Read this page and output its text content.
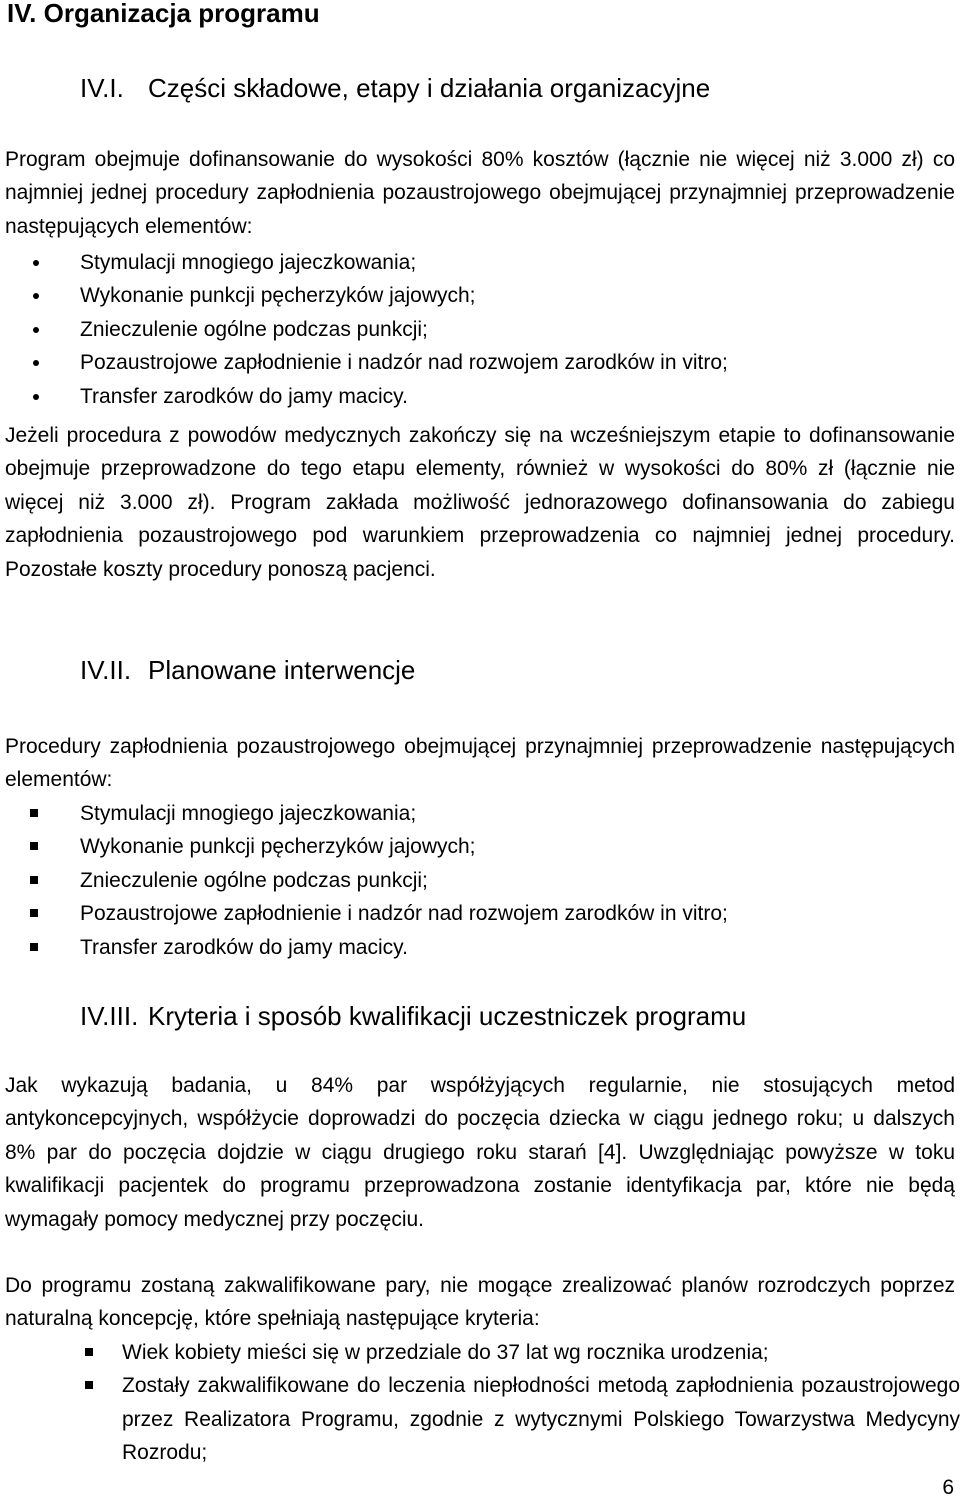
IV. Organizacja programu
IV.I. Części składowe, etapy i działania organizacyjne

Program obejmuje dofinansowanie do wysokości 80% kosztów (łącznie nie więcej niż 3.000 zł) co najmniej jednej procedury zapłodnienia pozaustrojowego obejmującej przynajmniej przeprowadzenie następujących elementów:

Stymulacji mnogiego jajeczkowania;
Wykonanie punkcji pęcherzyków jajowych;
Znieczulenie ogólne podczas punkcji;
Pozaustrojowe zapłodnienie i nadzór nad rozwojem zarodków in vitro;
Transfer zarodków do jamy macicy.

Jeżeli procedura z powodów medycznych zakończy się na wcześniejszym etapie to dofinansowanie obejmuje przeprowadzone do tego etapu elementy, również w wysokości do 80% zł (łącznie nie więcej niż 3.000 zł). Program zakłada możliwość jednorazowego dofinansowania do zabiegu zapłodnienia pozaustrojowego pod warunkiem przeprowadzenia co najmniej jednej procedury. Pozostałe koszty procedury ponoszą pacjenci.

IV.II. Planowane interwencje

Procedury zapłodnienia pozaustrojowego obejmującej przynajmniej przeprowadzenie następujących elementów:

Stymulacji mnogiego jajeczkowania;
Wykonanie punkcji pęcherzyków jajowych;
Znieczulenie ogólne podczas punkcji;
Pozaustrojowe zapłodnienie i nadzór nad rozwojem zarodków in vitro;
Transfer zarodków do jamy macicy.
IV.III. Kryteria i sposób kwalifikacji uczestniczek programu

Jak wykazują badania, u 84% par współżyjących regularnie, nie stosujących metod antykoncepcyjnych, współżycie doprowadzi do poczęcia dziecka w ciągu jednego roku; u dalszych 8% par do poczęcia dojdzie w ciągu drugiego roku starań [4]. Uwzględniając powyższe w toku kwalifikacji pacjentek do programu przeprowadzona zostanie identyfikacja par, które nie będą wymagały pomocy medycznej przy poczęciu.

Do programu zostaną zakwalifikowane pary, nie mogące zrealizować planów rozrodczych poprzez naturalną koncepcję, które spełniają następujące kryteria:

Wiek kobiety mieści się w przedziale do 37 lat wg rocznika urodzenia;
Zostały zakwalifikowane do leczenia niepłodności metodą zapłodnienia pozaustrojowego przez Realizatora Programu, zgodnie z wytycznymi Polskiego Towarzystwa Medycyny Rozrodu;
6
